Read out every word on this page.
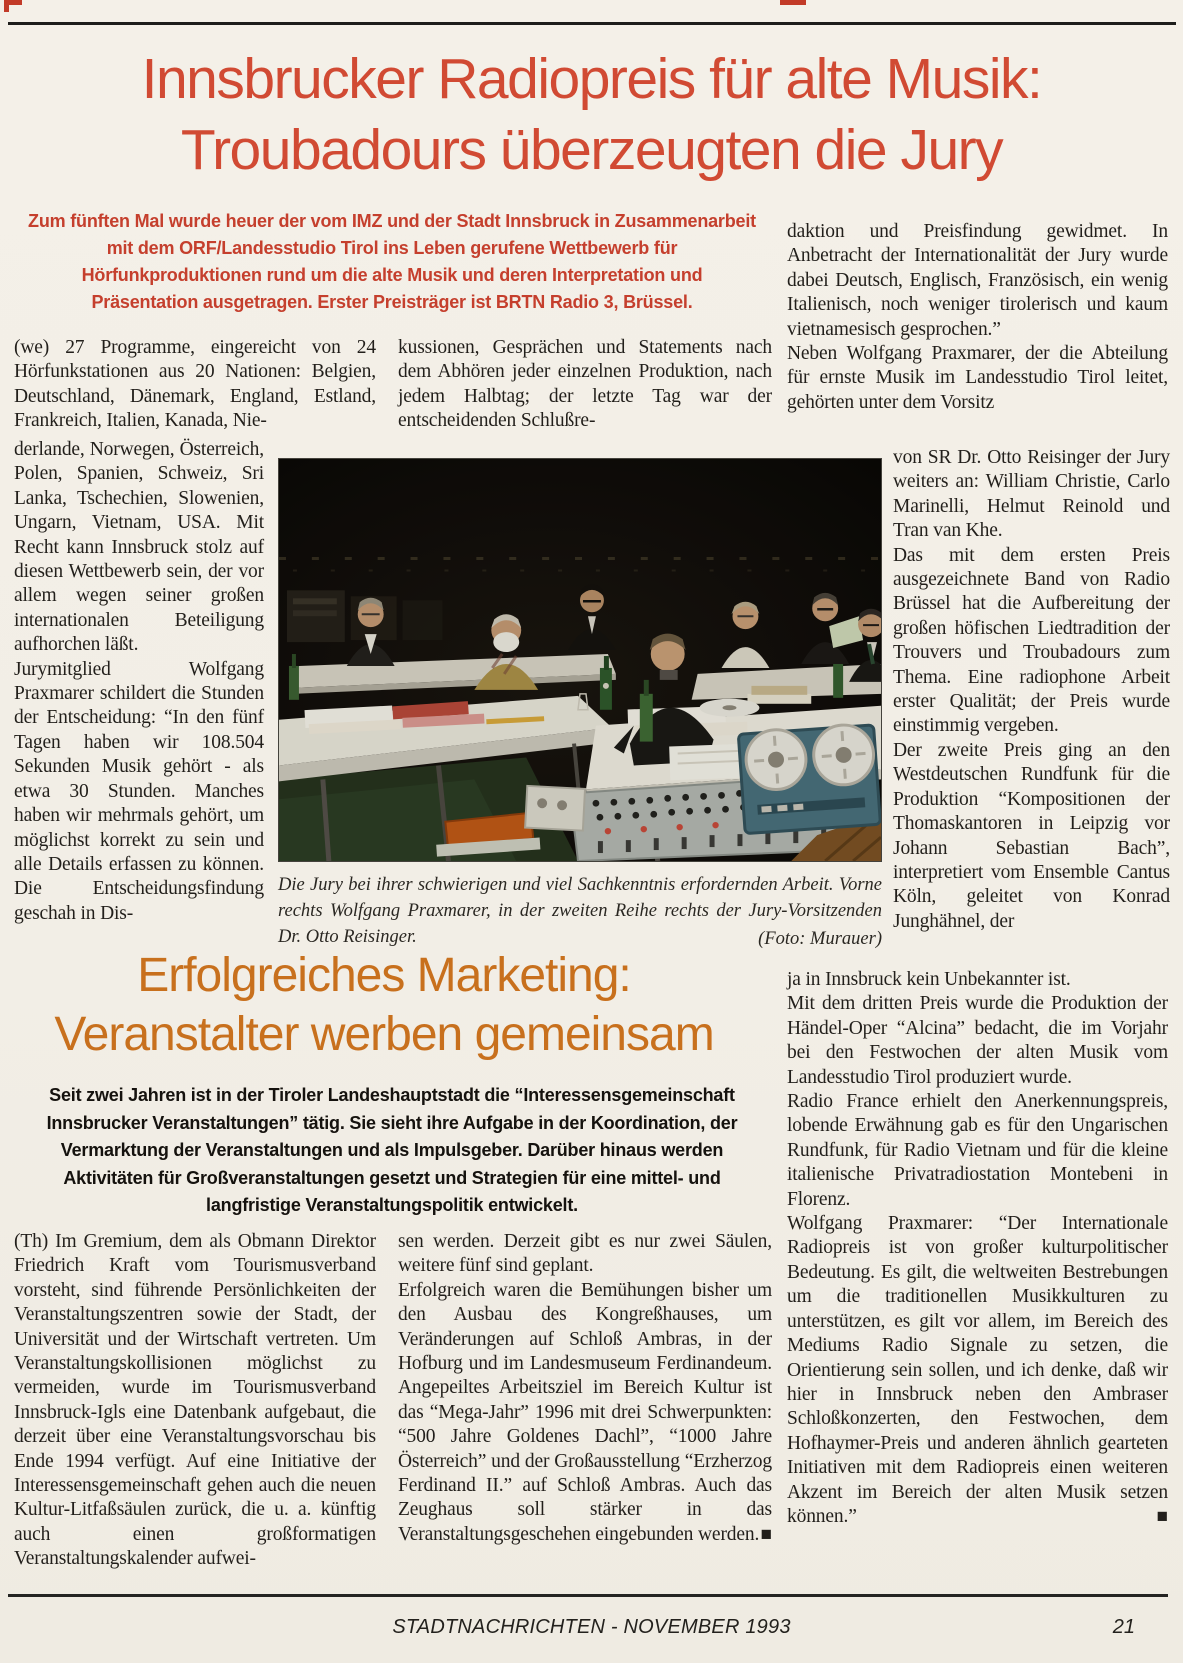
Innsbrucker Radiopreis für alte Musik:
Troubadours überzeugten die Jury
Zum fünften Mal wurde heuer der vom IMZ und der Stadt Innsbruck in Zusammenarbeit mit dem ORF/Landesstudio Tirol ins Leben gerufene Wettbewerb für Hörfunkproduktionen rund um die alte Musik und deren Interpretation und Präsentation ausgetragen. Erster Preisträger ist BRTN Radio 3, Brüssel.

(we) 27 Programme, eingereicht von 24 Hörfunkstationen aus 20 Nationen: Belgien, Deutschland, Dänemark, England, Estland, Frankreich, Italien, Kanada, Nie-

derlande, Norwegen, Österreich, Polen, Spanien, Schweiz, Sri Lanka, Tschechien, Slowenien, Ungarn, Vietnam, USA. Mit Recht kann Innsbruck stolz auf diesen Wettbewerb sein, der vor allem wegen seiner großen internationalen Beteiligung aufhorchen läßt.

Jurymitglied Wolfgang Praxmarer schildert die Stunden der Entscheidung: “In den fünf Tagen haben wir 108.504 Sekunden Musik gehört - als etwa 30 Stunden. Manches haben wir mehrmals gehört, um möglichst korrekt zu sein und alle Details erfassen zu können. Die Entscheidungsfindung geschah in Dis-

kussionen, Gesprächen und Statements nach dem Abhören jeder einzelnen Produktion, nach jedem Halbtag; der letzte Tag war der entscheidenden Schlußre-

daktion und Preisfindung gewidmet. In Anbetracht der Internationalität der Jury wurde dabei Deutsch, Englisch, Französisch, ein wenig Italienisch, noch weniger tirolerisch und kaum vietnamesisch gesprochen.”

Neben Wolfgang Praxmarer, der die Abteilung für ernste Musik im Landesstudio Tirol leitet, gehörten unter dem Vorsitz

von SR Dr. Otto Reisinger der Jury weiters an: William Christie, Carlo Marinelli, Helmut Reinold und Tran van Khe.

Das mit dem ersten Preis ausgezeichnete Band von Radio Brüssel hat die Aufbereitung der großen höfischen Liedtradition der Trouvers und Troubadours zum Thema. Eine radiophone Arbeit erster Qualität; der Preis wurde einstimmig vergeben.

Der zweite Preis ging an den Westdeutschen Rundfunk für die Produktion “Kompositionen der Thomaskantoren in Leipzig vor Johann Sebastian Bach”, interpretiert vom Ensemble Cantus Köln, geleitet von Konrad Junghähnel, der

ja in Innsbruck kein Unbekannter ist.

Mit dem dritten Preis wurde die Produktion der Händel-Oper “Alcina” bedacht, die im Vorjahr bei den Festwochen der alten Musik vom Landesstudio Tirol produziert wurde.

Radio France erhielt den Anerkennungspreis, lobende Erwähnung gab es für den Ungarischen Rundfunk, für Radio Vietnam und für die kleine italienische Privatradiostation Montebeni in Florenz.

Wolfgang Praxmarer: “Der Internationale Radiopreis ist von großer kulturpolitischer Bedeutung. Es gilt, die weltweiten Bestrebungen um die traditionellen Musikkulturen zu unterstützen, es gilt vor allem, im Bereich des Mediums Radio Signale zu setzen, die Orientierung sein sollen, und ich denke, daß wir hier in Innsbruck neben den Ambraser Schloßkonzerten, den Festwochen, dem Hofhaymer-Preis und anderen ähnlich gearteten Initiativen mit dem Radiopreis einen weiteren Akzent im Bereich der alten Musik setzen können.”	■
Die Jury bei ihrer schwierigen und viel Sachkenntnis erfordernden Arbeit. Vorne rechts Wolfgang Praxmarer, in der zweiten Reihe rechts der Jury-Vorsitzenden Dr. Otto Reisinger.	(Foto: Murauer)
Erfolgreiches Marketing:
Veranstalter werben gemeinsam
Seit zwei Jahren ist in der Tiroler Landeshauptstadt die “Interessensgemeinschaft Innsbrucker Veranstaltungen” tätig. Sie sieht ihre Aufgabe in der Koordination, der Vermarktung der Veranstaltungen und als Impulsgeber. Darüber hinaus werden Aktivitäten für Großveranstaltungen gesetzt und Strategien für eine mittel- und langfristige Veranstaltungspolitik entwickelt.

(Th) Im Gremium, dem als Obmann Direktor Friedrich Kraft vom Tourismusverband vorsteht, sind führende Persönlichkeiten der Veranstaltungszentren sowie der Stadt, der Universität und der Wirtschaft vertreten. Um Veranstaltungskollisionen möglichst zu vermeiden, wurde im Tourismusverband Innsbruck-Igls eine Datenbank aufgebaut, die derzeit über eine Veranstaltungsvorschau bis Ende 1994 verfügt. Auf eine Initiative der Interessensgemeinschaft gehen auch die neuen Kultur-Litfaßsäulen zurück, die u. a. künftig auch einen großformatigen Veranstaltungskalender aufwei-

sen werden. Derzeit gibt es nur zwei Säulen, weitere fünf sind geplant.

Erfolgreich waren die Bemühungen bisher um den Ausbau des Kongreßhauses, um Veränderungen auf Schloß Ambras, in der Hofburg und im Landesmuseum Ferdinandeum. Angepeiltes Arbeitsziel im Bereich Kultur ist das “Mega-Jahr” 1996 mit drei Schwerpunkten: “500 Jahre Goldenes Dachl”, “1000 Jahre Österreich” und der Großausstellung “Erzherzog Ferdinand II.” auf Schloß Ambras. Auch das Zeughaus soll stärker in das Veranstaltungsgeschehen eingebunden werden. ■
STADTNACHRICHTEN - NOVEMBER 1993	21
